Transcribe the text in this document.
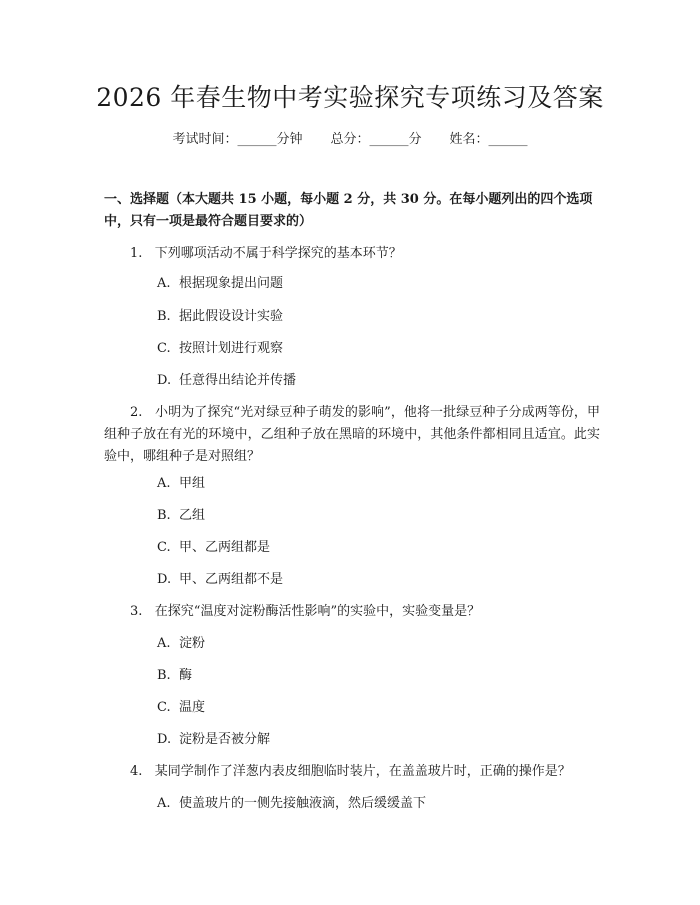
2026 年春生物中考实验探究专项练习及答案
考试时间：______分钟 总分：______分 姓名：______
一、选择题（本大题共 15 小题，每小题 2 分，共 30 分。在每小题列出的四个选项中，只有一项是最符合题目要求的）
1.   下列哪项活动不属于科学探究的基本环节？
A. 根据现象提出问题
B. 据此假设设计实验
C. 按照计划进行观察
D. 任意得出结论并传播
2.   小明为了探究“光对绿豆种子萌发的影响”，他将一批绿豆种子分成两等份，甲组种子放在有光的环境中，乙组种子放在黑暗的环境中，其他条件都相同且适宜。此实验中，哪组种子是对照组？
A. 甲组
B. 乙组
C. 甲、乙两组都是
D. 甲、乙两组都不是
3.   在探究“温度对淀粉酶活性影响”的实验中，实验变量是？
A. 淀粉
B. 酶
C. 温度
D. 淀粉是否被分解
4.   某同学制作了洋葱内表皮细胞临时装片，在盖盖玻片时，正确的操作是？
A. 使盖玻片的一侧先接触液滴，然后缓缓盖下
